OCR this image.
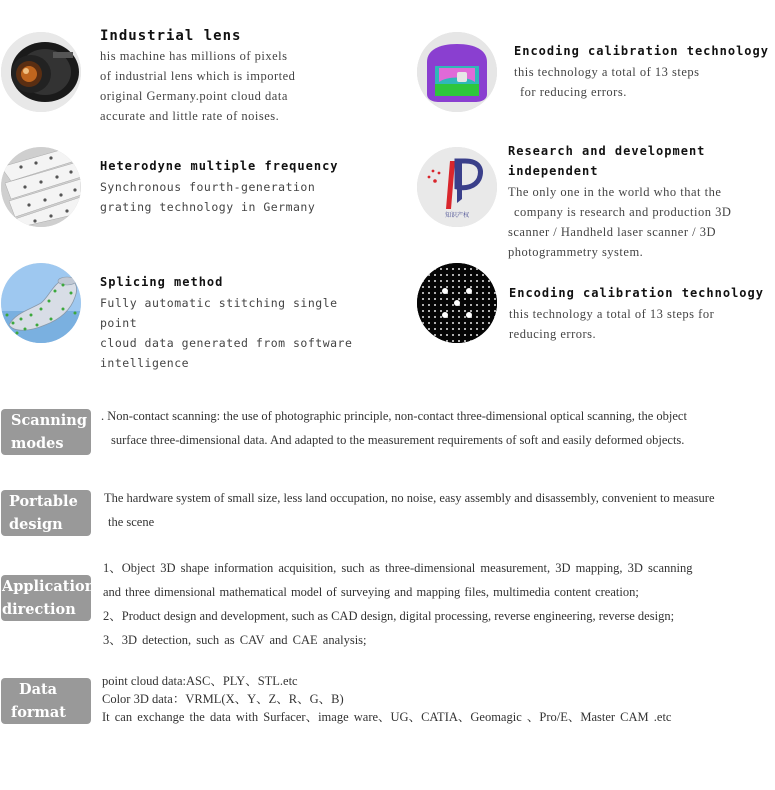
Industrial lens
his machine has millions of pixels
of industrial lens which is imported
original Germany.point cloud data
accurate and little rate of noises.
Heterodyne multiple frequency
Synchronous fourth-generation
grating technology in Germany
Splicing method
Fully automatic stitching single point
cloud data generated from software
intelligence
Encoding calibration technology
this technology a total of 13 steps
for reducing errors.
知识产权
Research and development
independent
The only one in the world who that the
company is research and production 3D
scanner / Handheld laser scanner / 3D
photogrammetry system.
Encoding calibration technology
this technology a total of 13 steps for
reducing errors.
Scanning
modes
. Non-contact scanning: the use of photographic principle, non-contact three-dimensional optical scanning, the object
surface three-dimensional data. And adapted to the measurement requirements of soft and easily deformed objects.
Portable
design
The hardware system of small size, less land occupation, no noise, easy assembly and disassembly, convenient to measure
the scene
Application
direction
1、Object 3D shape information acquisition, such as three-dimensional measurement, 3D mapping, 3D scanning
and three dimensional mathematical model of surveying and mapping files, multimedia content creation;
2、Product design and development, such as CAD design, digital processing, reverse engineering, reverse design;
3、3D detection, such as CAV and CAE analysis;
Data
format
point cloud data:ASC、PLY、STL.etc
Color 3D data：VRML(X、Y、Z、R、G、B)
It can exchange the data with Surfacer、image ware、UG、CATIA、Geomagic 、Pro/E、Master CAM .etc
